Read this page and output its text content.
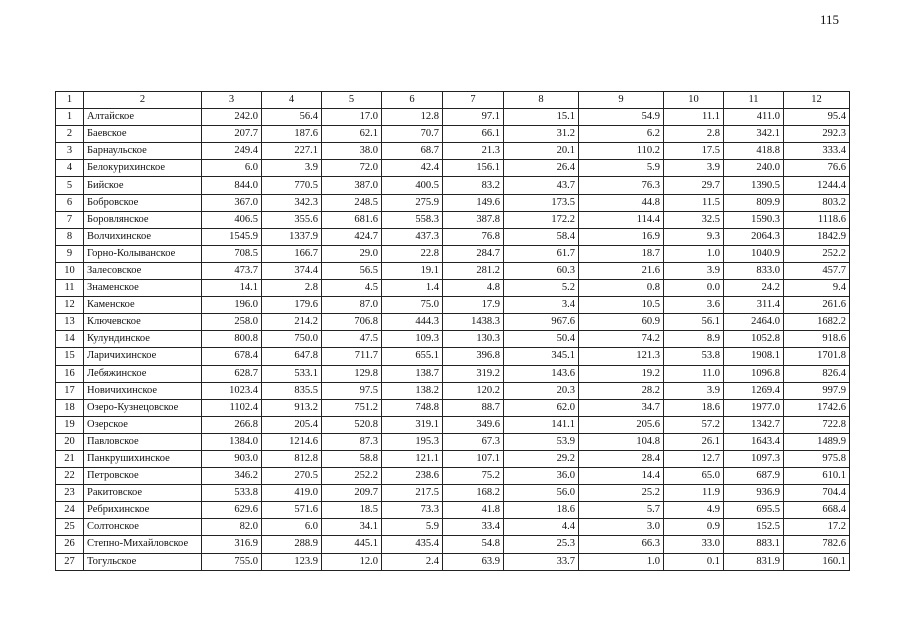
115
1	2	3	4	5	6	7	8	9	10	11	12
1	Алтайское	242.0	56.4	17.0	12.8	97.1	15.1	54.9	11.1	411.0	95.4
2	Баевское	207.7	187.6	62.1	70.7	66.1	31.2	6.2	2.8	342.1	292.3
3	Барнаульское	249.4	227.1	38.0	68.7	21.3	20.1	110.2	17.5	418.8	333.4
4	Белокурихинское	6.0	3.9	72.0	42.4	156.1	26.4	5.9	3.9	240.0	76.6
5	Бийское	844.0	770.5	387.0	400.5	83.2	43.7	76.3	29.7	1390.5	1244.4
6	Бобровское	367.0	342.3	248.5	275.9	149.6	173.5	44.8	11.5	809.9	803.2
7	Боровлянское	406.5	355.6	681.6	558.3	387.8	172.2	114.4	32.5	1590.3	1118.6
8	Волчихинское	1545.9	1337.9	424.7	437.3	76.8	58.4	16.9	9.3	2064.3	1842.9
9	Горно-Колыванское	708.5	166.7	29.0	22.8	284.7	61.7	18.7	1.0	1040.9	252.2
10	Залесовское	473.7	374.4	56.5	19.1	281.2	60.3	21.6	3.9	833.0	457.7
11	Знаменское	14.1	2.8	4.5	1.4	4.8	5.2	0.8	0.0	24.2	9.4
12	Каменское	196.0	179.6	87.0	75.0	17.9	3.4	10.5	3.6	311.4	261.6
13	Ключевское	258.0	214.2	706.8	444.3	1438.3	967.6	60.9	56.1	2464.0	1682.2
14	Кулундинское	800.8	750.0	47.5	109.3	130.3	50.4	74.2	8.9	1052.8	918.6
15	Ларичихинское	678.4	647.8	711.7	655.1	396.8	345.1	121.3	53.8	1908.1	1701.8
16	Лебяжинское	628.7	533.1	129.8	138.7	319.2	143.6	19.2	11.0	1096.8	826.4
17	Новичихинское	1023.4	835.5	97.5	138.2	120.2	20.3	28.2	3.9	1269.4	997.9
18	Озеро-Кузнецовское	1102.4	913.2	751.2	748.8	88.7	62.0	34.7	18.6	1977.0	1742.6
19	Озерское	266.8	205.4	520.8	319.1	349.6	141.1	205.6	57.2	1342.7	722.8
20	Павловское	1384.0	1214.6	87.3	195.3	67.3	53.9	104.8	26.1	1643.4	1489.9
21	Панкрушихинское	903.0	812.8	58.8	121.1	107.1	29.2	28.4	12.7	1097.3	975.8
22	Петровское	346.2	270.5	252.2	238.6	75.2	36.0	14.4	65.0	687.9	610.1
23	Ракитовское	533.8	419.0	209.7	217.5	168.2	56.0	25.2	11.9	936.9	704.4
24	Ребрихинское	629.6	571.6	18.5	73.3	41.8	18.6	5.7	4.9	695.5	668.4
25	Солтонское	82.0	6.0	34.1	5.9	33.4	4.4	3.0	0.9	152.5	17.2
26	Степно-Михайловское	316.9	288.9	445.1	435.4	54.8	25.3	66.3	33.0	883.1	782.6
27	Тогульское	755.0	123.9	12.0	2.4	63.9	33.7	1.0	0.1	831.9	160.1
